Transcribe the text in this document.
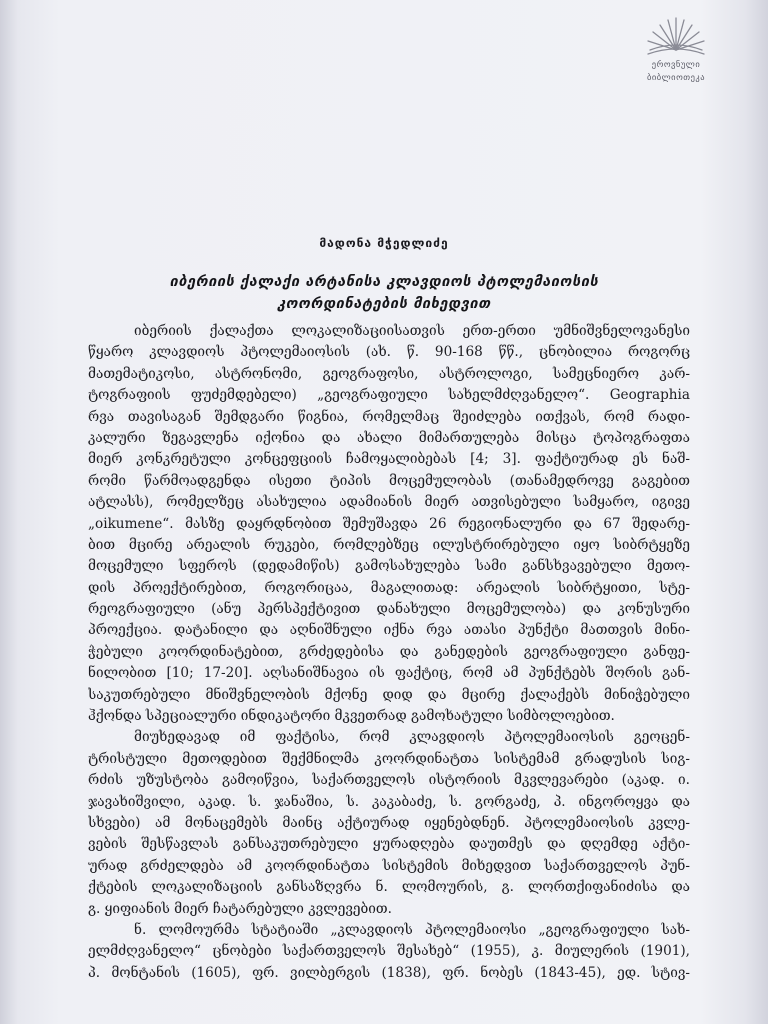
ეროვნული
ბიბლიოთეკა
მადონა მჭედლიძე
იბერიის ქალაქი არტანისა კლავდიოს პტოლემაიოსის
კოორდინატების მიხედვით
იბერიის ქალაქთა ლოკალიზაციისათვის ერთ-ერთი უმნიშვნელოვანესი
წყარო კლავდიოს პტოლემაიოსის (ახ. წ. 90-168 წწ., ცნობილია როგორც
მათემატიკოსი, ასტრონომი, გეოგრაფოსი, ასტროლოგი, სამეცნიერო კარ-
ტოგრაფიის ფუძემდებელი) „გეოგრაფიული სახელმძღვანელო“. Geographia
რვა თავისაგან შემდგარი წიგნია, რომელმაც შეიძლება ითქვას, რომ რადი-
კალური ზეგავლენა იქონია და ახალი მიმართულება მისცა ტოპოგრაფთა
მიერ კონკრეტული კონცეფციის ჩამოყალიბებას [4; 3]. ფაქტიურად ეს ნაშ-
რომი წარმოადგენდა ისეთი ტიპის მოცემულობას (თანამედროვე გაგებით
ატლასს), რომელზეც ასახულია ადამიანის მიერ ათვისებული სამყარო, იგივე
„oikumene“. მასზე დაყრდნობით შემუშავდა 26 რეგიონალური და 67 შედარე-
ბით მცირე არეალის რუკები, რომლებზეც ილუსტრირებული იყო სიბრტყეზე
მოცემული სფეროს (დედამიწის) გამოსახულება სამი განსხვავებული მეთო-
დის პროექტირებით, როგორიცაა, მაგალითად: არეალის სიბრტყითი, სტე-
რეოგრაფიული (ანუ პერსპექტივით დანახული მოცემულობა) და კონუსური
პროექცია. დატანილი და აღნიშნული იქნა რვა ათასი პუნქტი მათთვის მინი-
ჭებული კოორდინატებით, გრძედებისა და განედების გეოგრაფიული განფე-
ნილობით [10; 17-20]. აღსანიშნავია ის ფაქტიც, რომ ამ პუნქტებს შორის გან-
საკუთრებული მნიშვნელობის მქონე დიდ და მცირე ქალაქებს მინიჭებული
ჰქონდა სპეციალური ინდიკატორი მკვეთრად გამოხატული სიმბოლოებით.
მიუხედავად იმ ფაქტისა, რომ კლავდიოს პტოლემაიოსის გეოცენ-
ტრისტული მეთოდებით შექმნილმა კოორდინატთა სისტემამ გრადუსის სიგ-
რძის უზუსტობა გამოიწვია, საქართველოს ისტორიის მკვლევარები (აკად. ი.
ჯავახიშვილი, აკად. ს. ჯანაშია, ს. კაკაბაძე, ს. გორგაძე, პ. ინგოროყვა და
სხვები) ამ მონაცემებს მაინც აქტიურად იყენებდნენ. პტოლემაიოსის კვლე-
ვების შესწავლას განსაკუთრებული ყურადღება დაუთმეს და დღემდე აქტი-
ურად გრძელდება ამ კოორდინატთა სისტემის მიხედვით საქართველოს პუნ-
ქტების ლოკალიზაციის განსაზღვრა ნ. ლომოურის, გ. ლორთქიფანიძისა და
გ. ყიფიანის მიერ ჩატარებული კვლევებით.
ნ. ლომოურმა სტატიაში „კლავდიოს პტოლემაიოსი „გეოგრაფიული სახ-
ელმძღვანელო“ ცნობები საქართველოს შესახებ“ (1955), კ. მიულერის (1901),
პ. მონტანის (1605), ფრ. ვილბერგის (1838), ფრ. ნობეს (1843-45), ედ. სტივ-
